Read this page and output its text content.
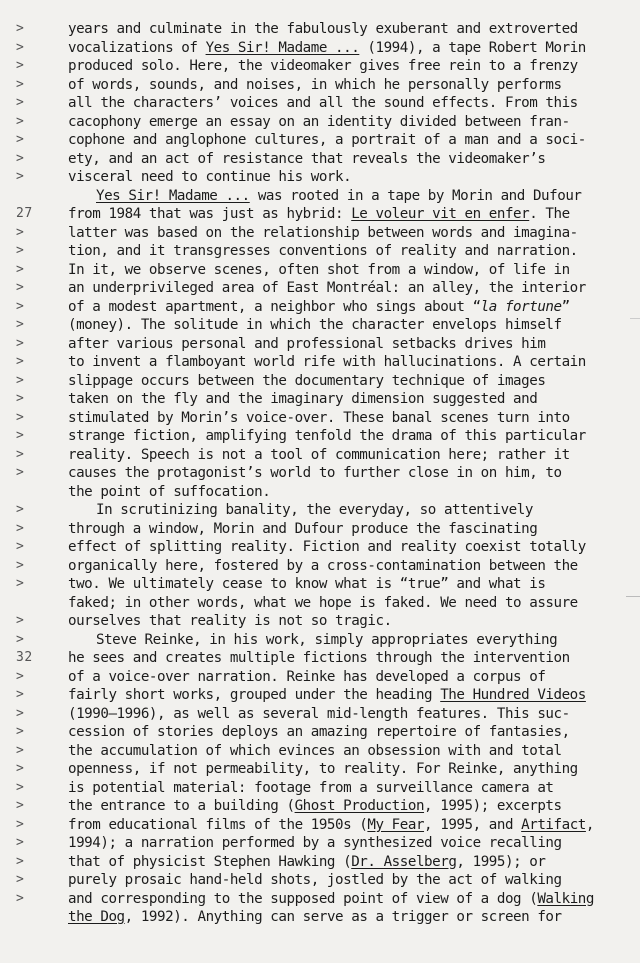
>
>
>
>
>
>
>
>
>
27
>
>
>
>
>
>
>
>
>
>
>
>
>
>
>
>
>
>
>
>
>
32
>
>
>
>
>
>
>
>
>
>
>
>
>
years and culminate in the fabulously exuberant and extroverted
vocalizations of Yes Sir! Madame ... (1994), a tape Robert Morin
produced solo. Here, the videomaker gives free rein to a frenzy
of words, sounds, and noises, in which he personally performs
all the characters’ voices and all the sound effects. From this
cacophony emerge an essay on an identity divided between fran-
cophone and anglophone cultures, a portrait of a man and a soci-
ety, and an act of resistance that reveals the videomaker’s
visceral need to continue his work.
Yes Sir! Madame ... was rooted in a tape by Morin and Dufour
from 1984 that was just as hybrid: Le voleur vit en enfer. The
latter was based on the relationship between words and imagina-
tion, and it transgresses conventions of reality and narration.
In it, we observe scenes, often shot from a window, of life in
an underprivileged area of East Montréal: an alley, the interior
of a modest apartment, a neighbor who sings about “la fortune”
(money). The solitude in which the character envelops himself
after various personal and professional setbacks drives him
to invent a flamboyant world rife with hallucinations. A certain
slippage occurs between the documentary technique of images
taken on the fly and the imaginary dimension suggested and
stimulated by Morin’s voice-over. These banal scenes turn into
strange fiction, amplifying tenfold the drama of this particular
reality. Speech is not a tool of communication here; rather it
causes the protagonist’s world to further close in on him, to
the point of suffocation.
In scrutinizing banality, the everyday, so attentively
through a window, Morin and Dufour produce the fascinating
effect of splitting reality. Fiction and reality coexist totally
organically here, fostered by a cross-contamination between the
two. We ultimately cease to know what is “true” and what is
faked; in other words, what we hope is faked. We need to assure
ourselves that reality is not so tragic.
Steve Reinke, in his work, simply appropriates everything
he sees and creates multiple fictions through the intervention
of a voice-over narration. Reinke has developed a corpus of
fairly short works, grouped under the heading The Hundred Videos
(1990–1996), as well as several mid-length features. This suc-
cession of stories deploys an amazing repertoire of fantasies,
the accumulation of which evinces an obsession with and total
openness, if not permeability, to reality. For Reinke, anything
is potential material: footage from a surveillance camera at
the entrance to a building (Ghost Production, 1995); excerpts
from educational films of the 1950s (My Fear, 1995, and Artifact,
1994); a narration performed by a synthesized voice recalling
that of physicist Stephen Hawking (Dr. Asselberg, 1995); or
purely prosaic hand-held shots, jostled by the act of walking
and corresponding to the supposed point of view of a dog (Walking
the Dog, 1992). Anything can serve as a trigger or screen for
